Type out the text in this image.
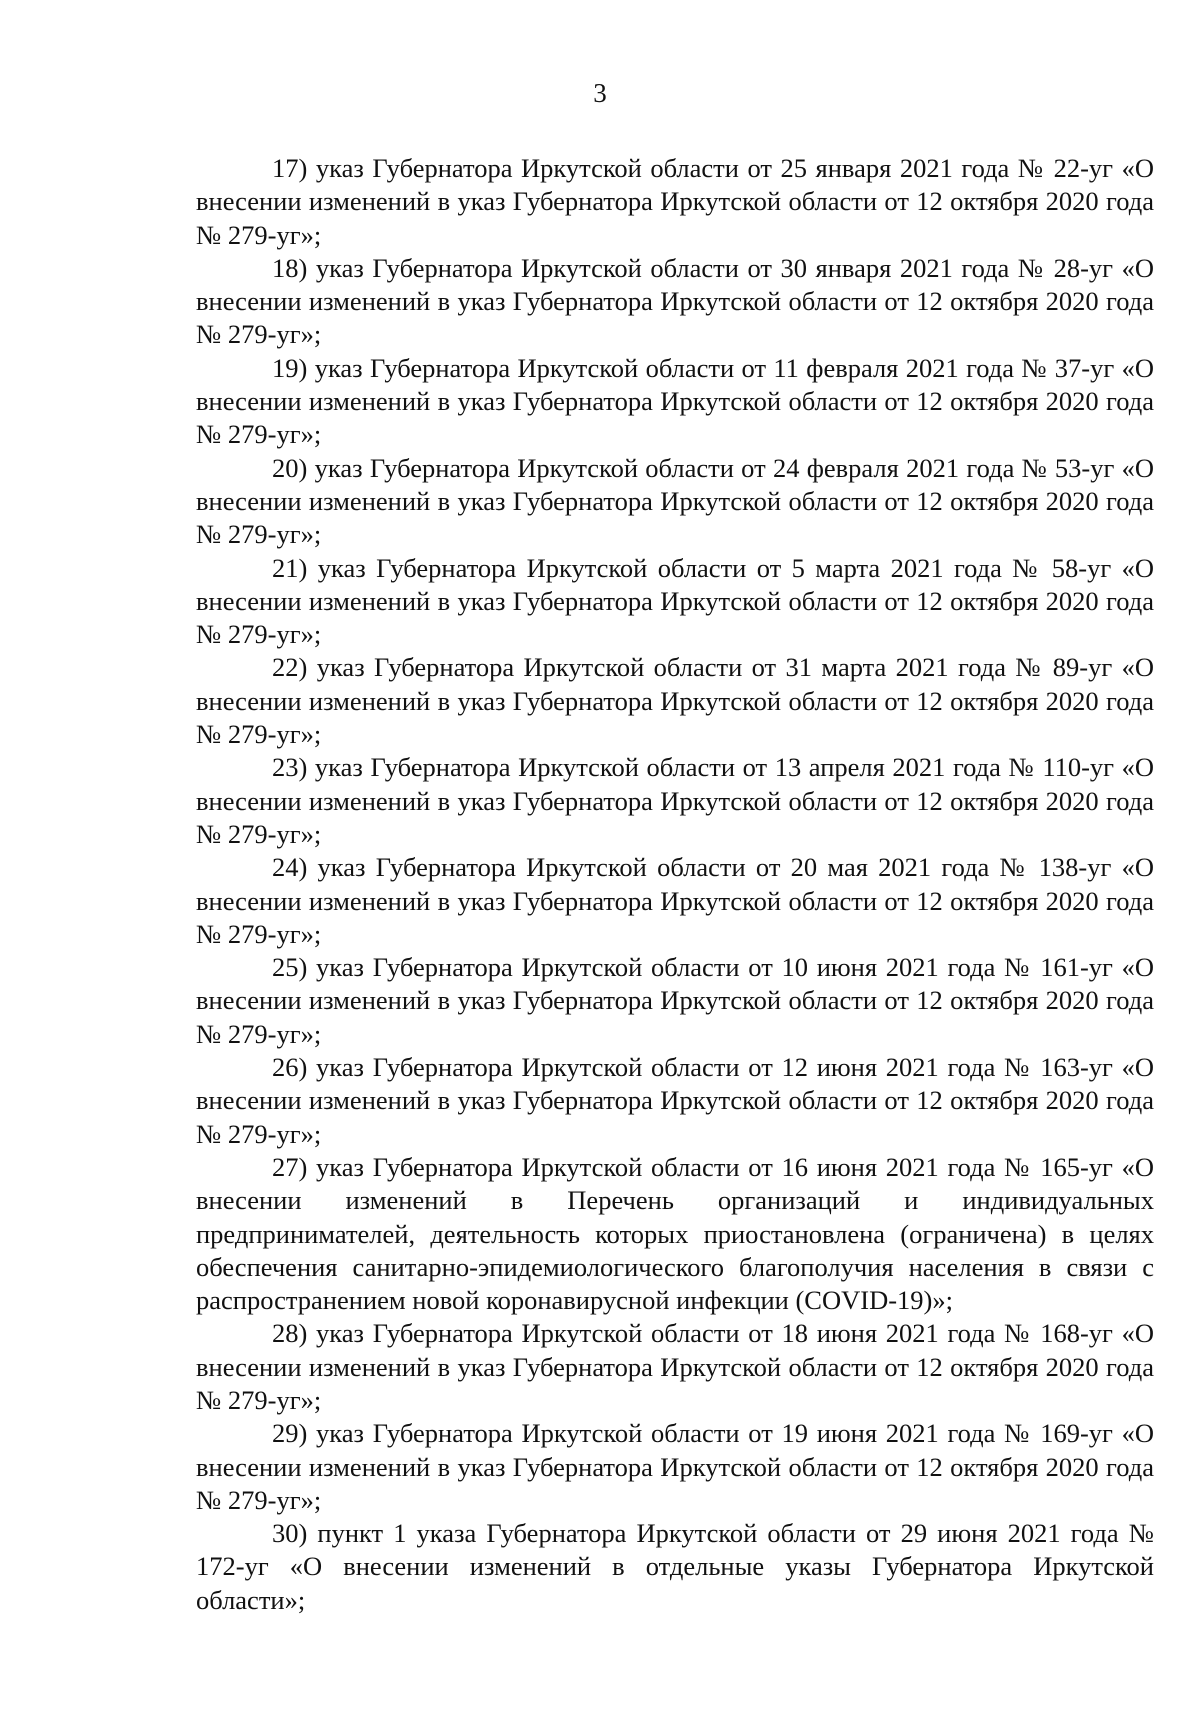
3

17) указ Губернатора Иркутской области от 25 января 2021 года № 22-уг «О внесении изменений в указ Губернатора Иркутской области от 12 октября 2020 года № 279-уг»;

18) указ Губернатора Иркутской области от 30 января 2021 года № 28-уг «О внесении изменений в указ Губернатора Иркутской области от 12 октября 2020 года № 279-уг»;

19) указ Губернатора Иркутской области от 11 февраля 2021 года № 37-уг «О внесении изменений в указ Губернатора Иркутской области от 12 октября 2020 года № 279-уг»;

20) указ Губернатора Иркутской области от 24 февраля 2021 года № 53-уг «О внесении изменений в указ Губернатора Иркутской области от 12 октября 2020 года № 279-уг»;

21) указ Губернатора Иркутской области от 5 марта 2021 года № 58-уг «О внесении изменений в указ Губернатора Иркутской области от 12 октября 2020 года № 279-уг»;

22) указ Губернатора Иркутской области от 31 марта 2021 года № 89-уг «О внесении изменений в указ Губернатора Иркутской области от 12 октября 2020 года № 279-уг»;

23) указ Губернатора Иркутской области от 13 апреля 2021 года № 110-уг «О внесении изменений в указ Губернатора Иркутской области от 12 октября 2020 года № 279-уг»;

24) указ Губернатора Иркутской области от 20 мая 2021 года № 138-уг «О внесении изменений в указ Губернатора Иркутской области от 12 октября 2020 года № 279-уг»;

25) указ Губернатора Иркутской области от 10 июня 2021 года № 161-уг «О внесении изменений в указ Губернатора Иркутской области от 12 октября 2020 года № 279-уг»;

26) указ Губернатора Иркутской области от 12 июня 2021 года № 163-уг «О внесении изменений в указ Губернатора Иркутской области от 12 октября 2020 года № 279-уг»;

27) указ Губернатора Иркутской области от 16 июня 2021 года № 165-уг «О внесении изменений в Перечень организаций и индивидуальных предпринимателей, деятельность которых приостановлена (ограничена) в целях обеспечения санитарно-эпидемиологического благополучия населения в связи с распространением новой коронавирусной инфекции (COVID-19)»;

28) указ Губернатора Иркутской области от 18 июня 2021 года № 168-уг «О внесении изменений в указ Губернатора Иркутской области от 12 октября 2020 года № 279-уг»;

29) указ Губернатора Иркутской области от 19 июня 2021 года № 169-уг «О внесении изменений в указ Губернатора Иркутской области от 12 октября 2020 года № 279-уг»;

30) пункт 1 указа Губернатора Иркутской области от 29 июня 2021 года № 172-уг «О внесении изменений в отдельные указы Губернатора Иркутской области»;
